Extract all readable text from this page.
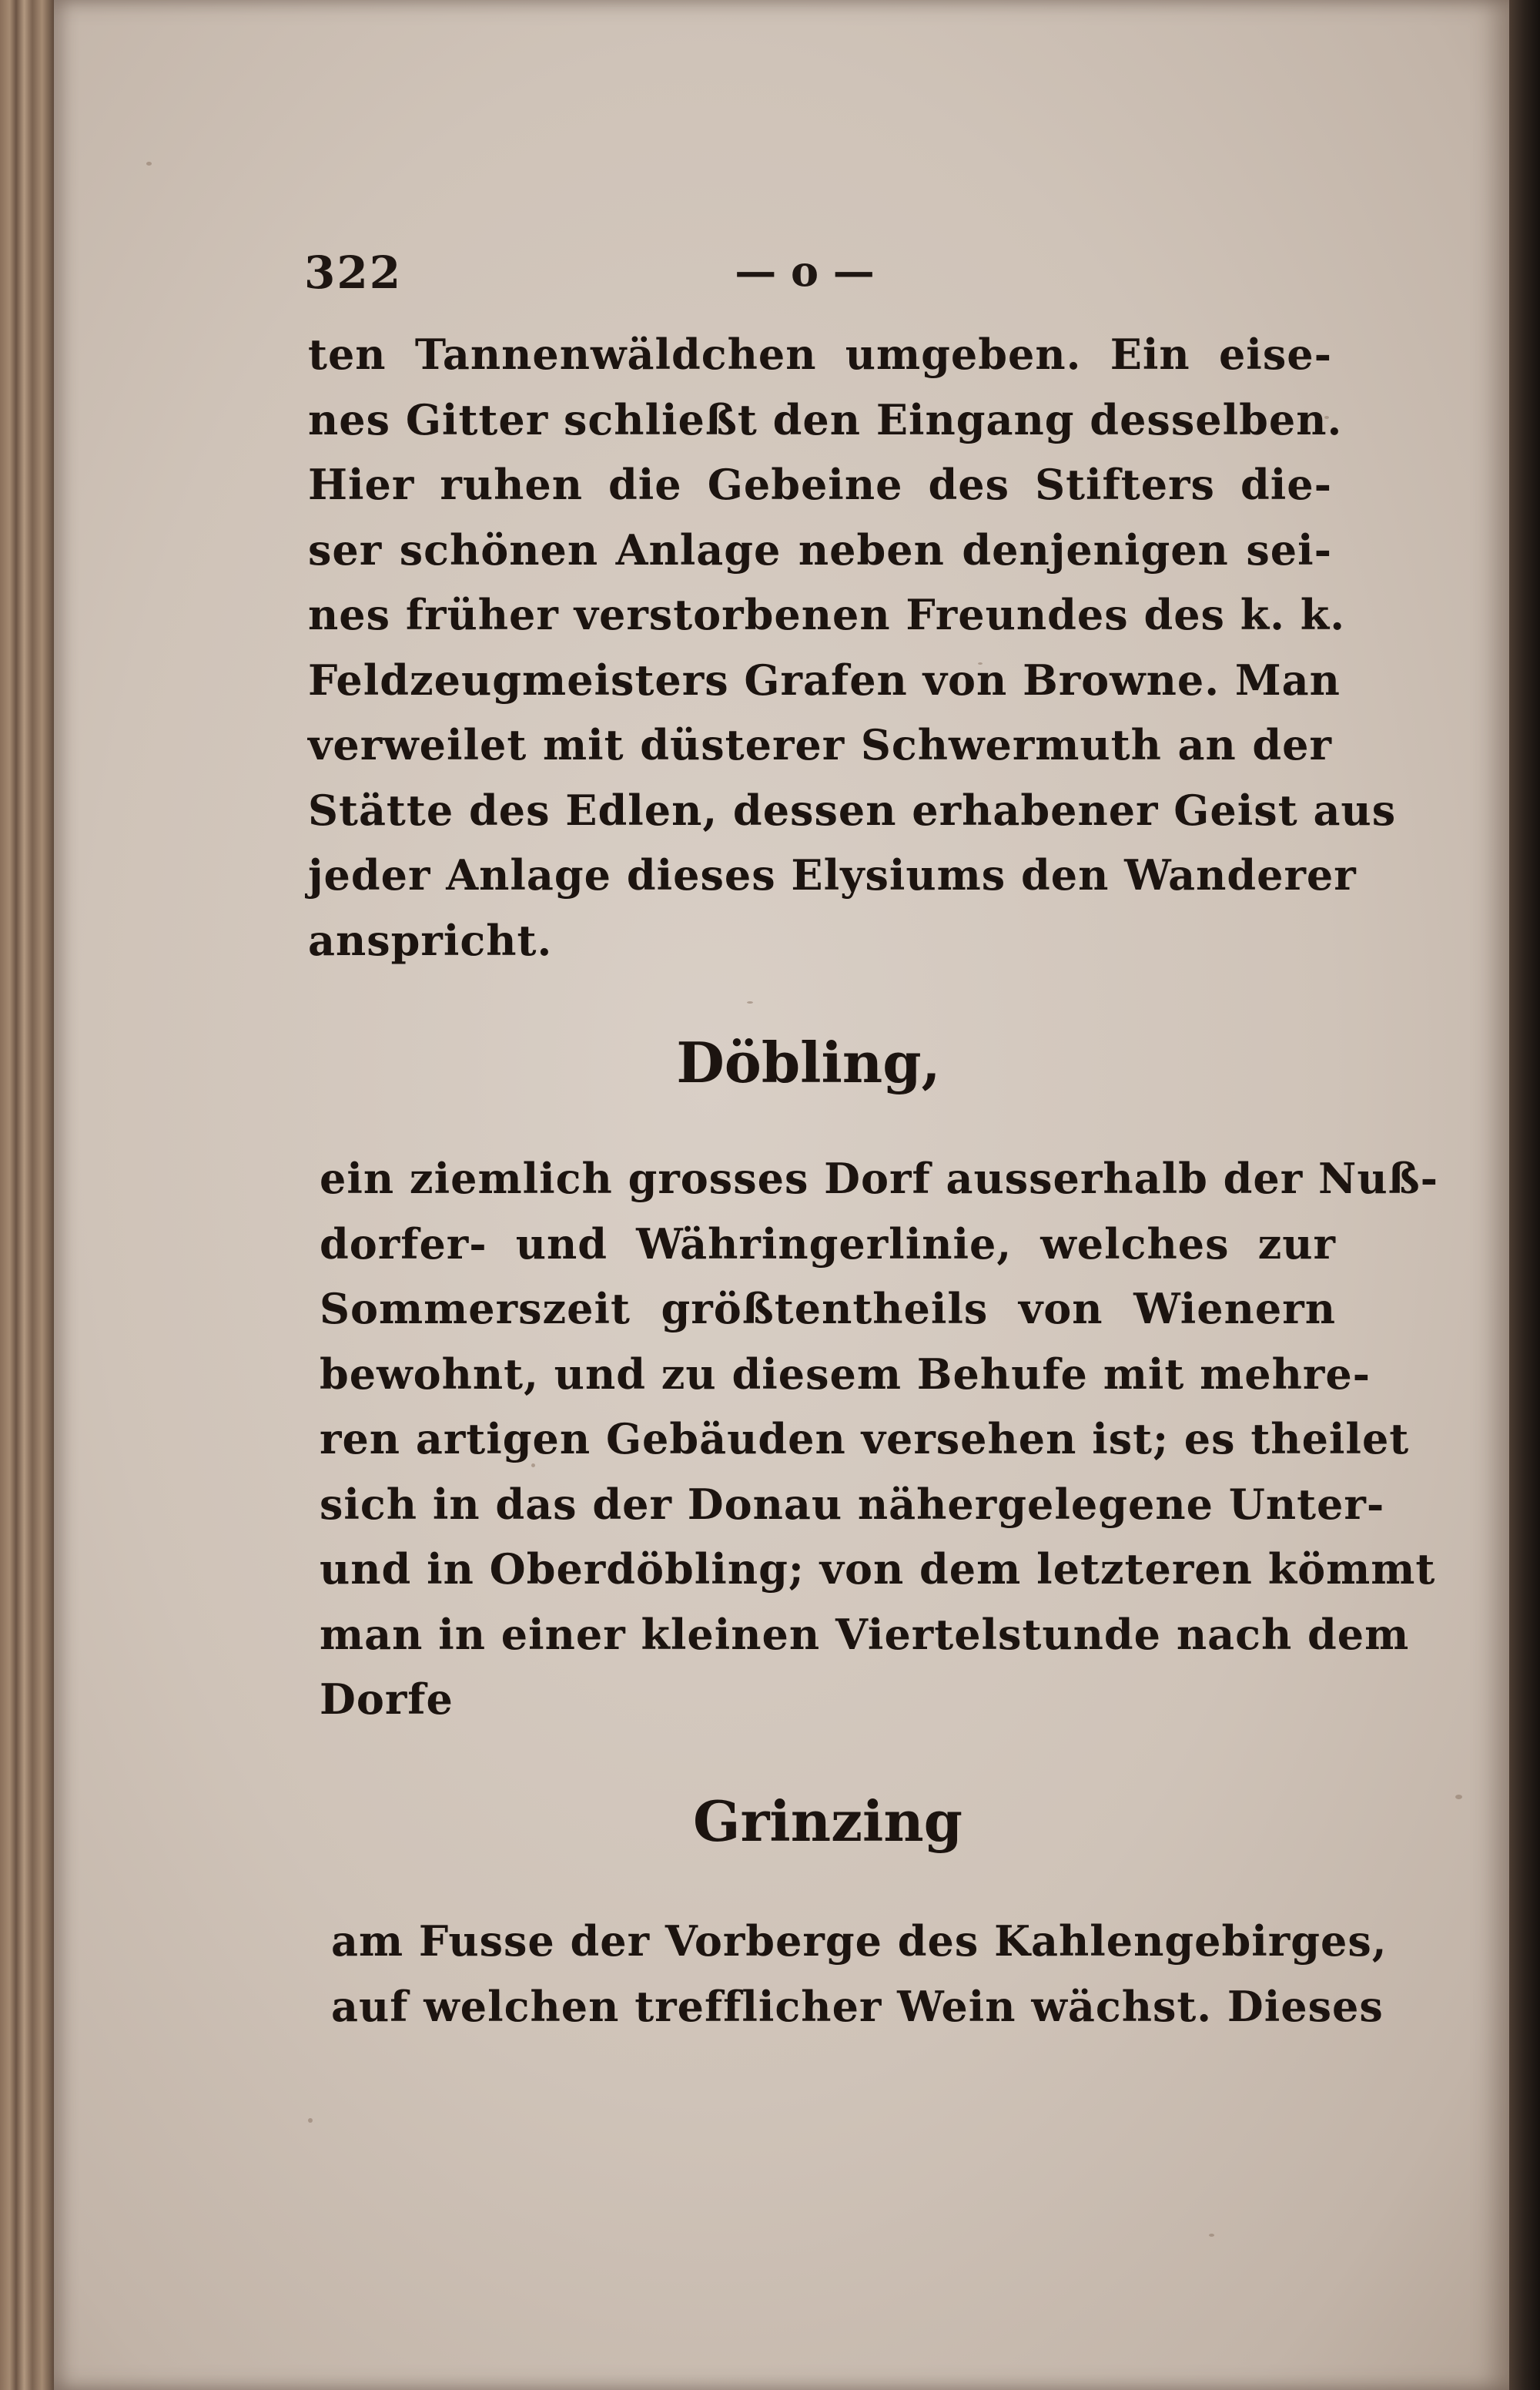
322	— o —
ten Tannenwäldchen umgeben. Ein eise-
nes Gitter schließt den Eingang desselben.
Hier ruhen die Gebeine des Stifters die-
ser schönen Anlage neben denjenigen sei-
nes früher verstorbenen Freundes des k. k.
Feldzeugmeisters Grafen von Browne. Man
verweilet mit düsterer Schwermuth an der
Stätte des Edlen, dessen erhabener Geist aus
jeder Anlage dieses Elysiums den Wanderer
anspricht.
Döbling,
ein ziemlich grosses Dorf ausserhalb der Nuß-
dorfer- und Währingerlinie, welches zur
Sommerszeit größtentheils von Wienern
bewohnt, und zu diesem Behufe mit mehre-
ren artigen Gebäuden versehen ist; es theilet
sich in das der Donau nähergelegene Unter-
und in Oberdöbling; von dem letzteren kömmt
man in einer kleinen Viertelstunde nach dem
Dorfe
Grinzing
am Fusse der Vorberge des Kahlengebirges,
auf welchen trefflicher Wein wächst. Dieses
